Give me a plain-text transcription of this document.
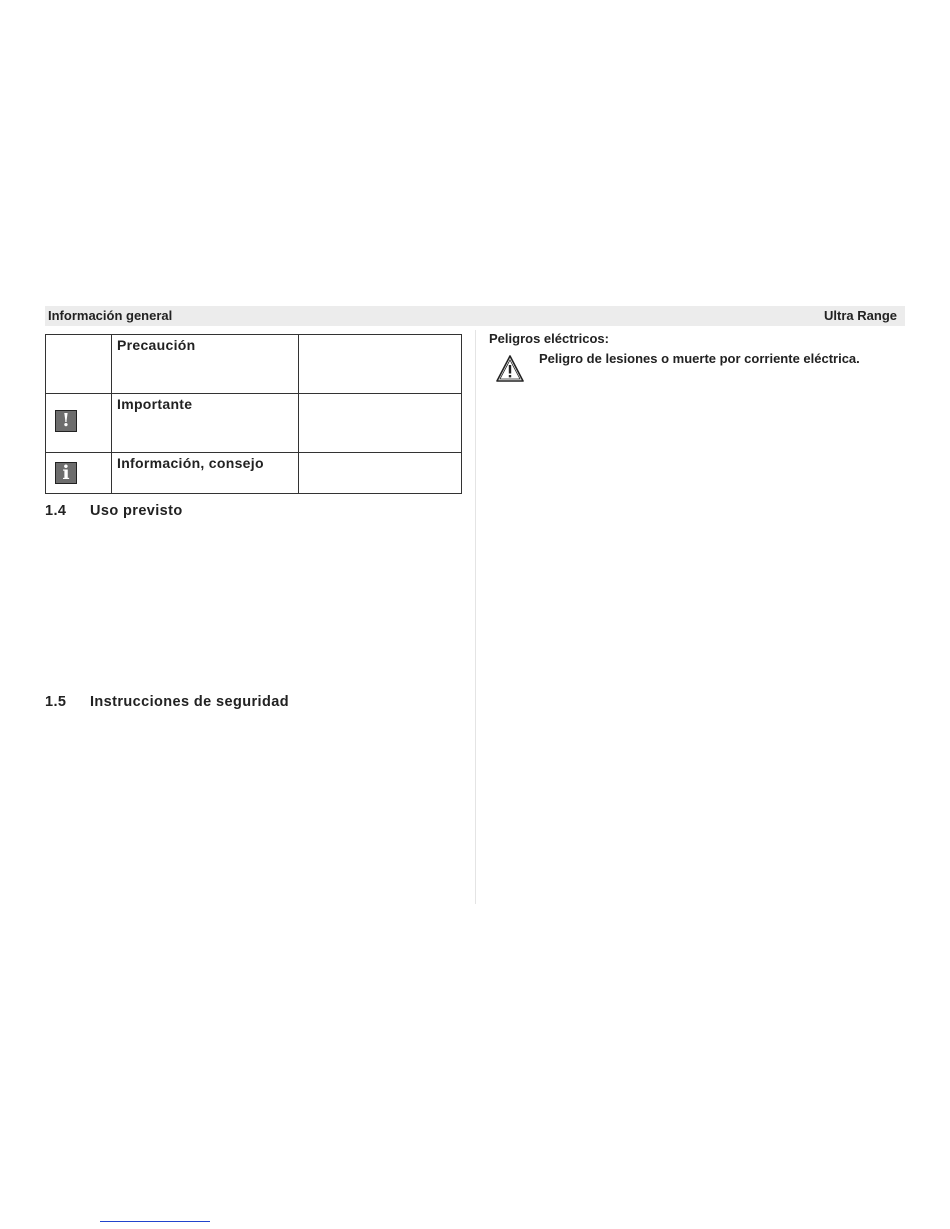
Información general	Ultra Range
	Precaución	

!	Importante	

i	Información, consejo	
1.4 Uso previsto
1.5 Instrucciones de seguridad
Peligros eléctricos:
Peligro de lesiones o muerte por corriente eléctrica.
